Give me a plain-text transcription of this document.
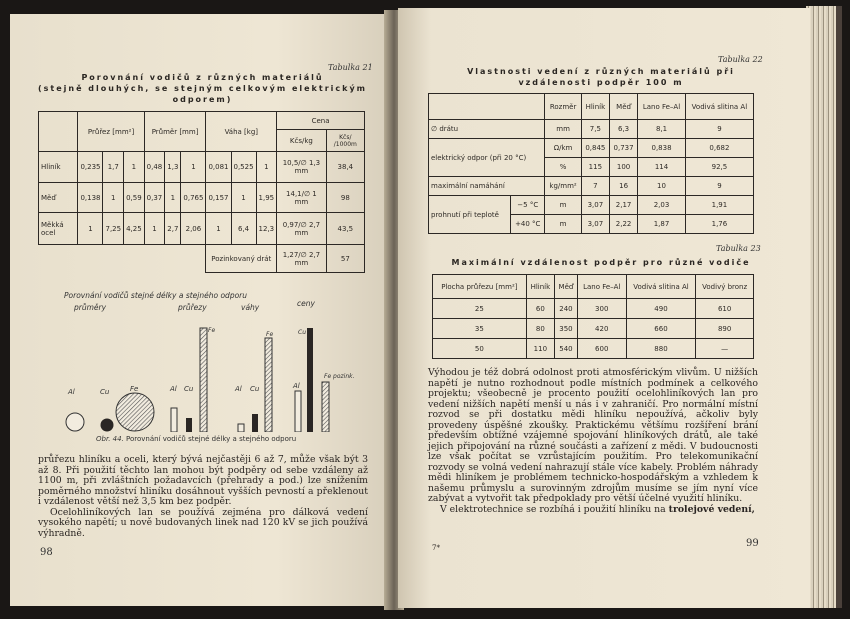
Tabulka 21
Porovnání vodičů z různých materiálů
(stejně dlouhých, se stejným celkovým elektrickým
odporem)
	Průřez [mm²]			Průměr [mm]			Váha [kg]			Cena	
										Kčs/kg	Kčs/ /1000m
Hliník	0,235	1,7	1	0,48	1,3	1	0,081	0,525	1	10,5/∅ 1,3 mm	38,4
Měď	0,138	1	0,59	0,37	1	0,765	0,157	1	1,95	14,1/∅ 1 mm	98
Měkká ocel	1	7,25	4,25	1	2,7	2,06	1	6,4	12,3	0,97/∅ 2,7 mm	43,5
							Pozinkovaný drát			1,27/∅ 2,7 mm	57
Porovnání vodičů stejné délky a stejného odporu
průměry	průřezy	váhy	ceny
Al	Cu	Fe	Al Cu
Fe
Al Cu
Fe
Al
Cu
Fe pozink.
Obr. 44. Porovnání vodičů stejné délky a stejného odporu

průřezu hliníku a oceli, který bývá nejčastěji 6 až 7, může však být 3 až 8. Při použití těchto lan mohou být podpěry od sebe vzdáleny až 1100 m, při zvláštních požadavcích (přehrady a pod.) lze snížením poměrného množství hliníku dosáhnout vyšších pevností a překlenout i vzdálenost větší než 3,5 km bez podpěr.

Ocelohliníkových lan se používá zejména pro dálková vedení vysokého napětí; u nově budovaných linek nad 120 kV se jich používá výhradně.

98
Tabulka 22
Vlastnosti vedení z různých materiálů při
vzdálenosti podpěr 100 m
		Rozměr	Hliník	Měď	Lano Fe–Al	Vodivá slitina Al
∅ drátu		mm	7,5	6,3	8,1	9
elektrický odpor (při 20 °C)		Ω/km	0,845	0,737	0,838	0,682
		%	115	100	114	92,5
maximální namáhání		kg/mm²	7	16	10	9
prohnutí při teplotě	−5 °C	m	3,07	2,17	2,03	1,91
	+40 °C	m	3,07	2,22	1,87	1,76
Tabulka 23
Maximální vzdálenost podpěr pro různé vodiče
Plocha průřezu [mm²]	Hliník	Měď	Lano Fe–Al	Vodivá slitina Al	Vodivý bronz
25	60	240	300	490	610
35	80	350	420	660	890
50	110	540	600	880	—

Výhodou je též dobrá odolnost proti atmosférickým vlivům. U nižších napětí je nutno rozhodnout podle místních podmínek a celkového projektu; všeobecně je procento použití ocelohliníkových lan pro vedení nižších napětí menší u nás i v zahraničí. Pro normální místní rozvod se při dostatku mědi hliníku nepoužívá, ačkoliv byly provedeny úspěšné zkoušky. Praktickému většímu rozšíření brání především obtížné vzájemné spojování hliníkových drátů, ale také jejich připojování na různé součásti a zařízení z mědi. V budoucnosti lze však počítat se vzrůstajícím použitím. Pro telekomunikační rozvody se volná vedení nahrazují stále více kabely. Problém náhrady mědi hliníkem je problémem technicko-hospodářským a vzhledem k našemu průmyslu a surovinným zdrojům musíme se jím nyní více zabývat a vytvořit tak předpoklady pro větší účelné využití hliníku.

V elektrotechnice se rozbíhá i použití hliníku na trolejové vedení,

7*	99
